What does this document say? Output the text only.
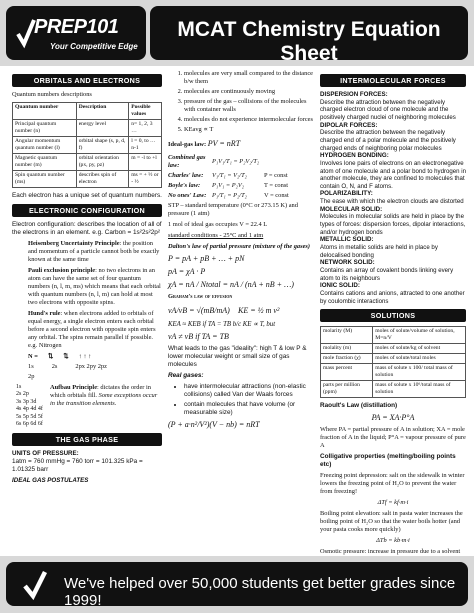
PREP101
Your Competitive Edge
MCAT Chemistry Equation Sheet
ORBITALS AND ELECTRONS

Quantum numbers descriptions

Quantum number	Description	Possible values
Principal quantum number (n)	energy level	n= 1, 2, 3 …
Angular momentum quantum number (l)	orbital shape (s, p, d, f)	l = 0, to … n-1
Magnetic quantum number (m)	orbital orientation (px, py, pz)	m = -l to +l
Spin quantum number (ms)	describes spin of electron	ms = + ½ or - ½

Each electron has a unique set of quantum numbers.

ELECTRONIC CONFIGURATION

Electron configuration: describes the location of all of the electrons in an element. e.g. Carbon = 1s²2s²2p²

Heisenberg Uncertainty Principle: the position and momentum of a particle cannot both be exactly known at the same time

Pauli exclusion principle: no two electrons in an atom can have the same set of four quantum numbers (n, l, m, ms) which means that each orbital with quantum numbers (n, l, m) can hold at most two electrons with opposite spins.

Hund's rule: when electrons added to orbitals of equal energy, a single electron enters each orbital before a second electron with opposite spin enters any orbital. The spins remain parallel if possible. e.g. Nitrogen

N = ⇅ ⇅ ↑ ↑ ↑
1s	2s	2px 2py 2pz

2p

1s
2s 2p
3s 3p 3d
4s 4p 4d 4f
5s 5p 5d 5f
6s 6p 6d 6f
Aufbau Principle: dictates the order in which orbitals fill. Some exceptions occur in the transition elements.
THE GAS PHASE

UNITS OF PRESSURE:
1atm = 760 mmHg = 760 torr = 101.325 kPa = 1.01325 barr

IDEAL GAS POSTULATES

1. molecules are very small compared to the distance b/w them
2. molecules are continuously moving
3. pressure of the gas – collisions of the molecules with container walls
4. molecules do not experience intermolecular forces
5. KEavg ∝ T
Ideal-gas law:
PV = nRT
Combined gas law:
P₁V₁/T₁ = P₂V₂/T₂
Charles' law:	V₁/T₁ = V₂/T₂	P = const
Boyle's law:	P₁V₁ = P₂V₂	T = const
No ones' Law: P₁/T₁ = P₂/T₂	V = const

STP – standard temperature (0°C or 273.15 K) and pressure (1 atm)

1 mol of ideal gas occupies V = 22.4 L

standard conditions - 25°C and 1 atm

Dalton's law of partial pressure (mixture of the gases)

P = pA + pB + … + pN

pA = χA · P

χA = nA / Ntotal = nA / (nA + nB + …)

Graham's law of effusion

vA/vB = √(mB/mA)	KE = ½ m v²

KEA ≈ KEB if TA = TB b/c KE ∝ T, but

vA ≠ vB if TA = TB

What leads to the gas "ideality": high T & low P & lower molecular weight or small size of gas molecules

Real gases:

• have intermolecular attractions (non-elastic collisions) called Van der Waals forces
• contain molecules that have volume (or measurable size)

(P + a·n²/V²)(V − nb) = nRT

INTERMOLECULAR FORCES
DISPERSION FORCES:
Describe the attraction between the negatively charged electron cloud of one molecule and the positively charged nuclei of neighboring molecules
DIPOLAR FORCES:
Describe the attraction between the negatively charged end of a polar molecule and the positively charged ends of neighboring polar molecules
HYDROGEN BONDING:
Involves lone pairs of electrons on an electronegative atom of one molecule and a polar bond to hydrogen in another molecule, they are confined to molecules that contain O, N, and F atoms.
POLARIZABILITY:
The ease with which the electron clouds are distorted
MOLECULAR SOLID:
Molecules in molecular solids are held in place by the types of forces: dispersion forces, dipolar interactions, and/or hydrogen bonds
METALLIC SOLID:
Atoms in metallic solids are held in place by delocalised bonding
NETWORK SOLID:
Contains an array of covalent bonds linking every atom to its neighbours
IONIC SOLID:
Contains cations and anions, attracted to one another by coulombic interactions
SOLUTIONS
molarity (M)	moles of solute/volume of solution, M=n/V
molality (m)	moles of solute/kg of solvent
mole fraction (χ)	moles of solute/total moles
mass percent	mass of solute x 100/ total mass of solution
parts per million (ppm)	mass of solute x 10⁶/total mass of solution

Raoult's Law (distillation)

PA = XA·P°A

Where PA = partial pressure of A in solution; XA = mole fraction of A in the liquid; P°A = vapour pressure of pure A

Colligative properties (melting/boiling points etc)

Freezing point depression: salt on the sidewalk in winter lowers the freezing point of H₂O to prevent the water from freezing!

ΔTf = kf·m·i

Boiling point elevation: salt in pasta water increases the boiling point of H₂O so that the water boils hotter (and your pasta cooks more quickly)

ΔTb = kb·m·i

Osmotic pressure: increase in pressure due to a solvent

We've helped over 50,000 students get better grades since 1999!
